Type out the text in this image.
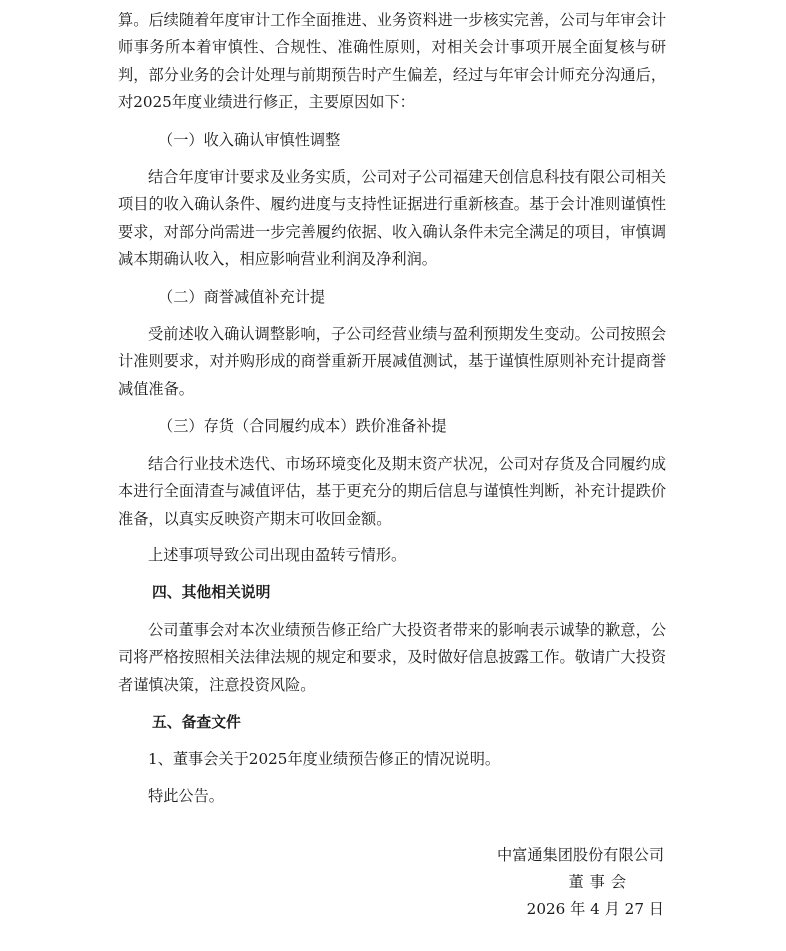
算。后续随着年度审计工作全面推进、业务资料进一步核实完善，公司与年审会计师事务所本着审慎性、合规性、准确性原则，对相关会计事项开展全面复核与研判，部分业务的会计处理与前期预告时产生偏差，经过与年审会计师充分沟通后，对2025年度业绩进行修正，主要原因如下：

（一）收入确认审慎性调整

结合年度审计要求及业务实质，公司对子公司福建天创信息科技有限公司相关项目的收入确认条件、履约进度与支持性证据进行重新核查。基于会计准则谨慎性要求，对部分尚需进一步完善履约依据、收入确认条件未完全满足的项目，审慎调减本期确认收入，相应影响营业利润及净利润。

（二）商誉减值补充计提

受前述收入确认调整影响，子公司经营业绩与盈利预期发生变动。公司按照会计准则要求，对并购形成的商誉重新开展减值测试，基于谨慎性原则补充计提商誉减值准备。

（三）存货（合同履约成本）跌价准备补提

结合行业技术迭代、市场环境变化及期末资产状况，公司对存货及合同履约成本进行全面清查与减值评估，基于更充分的期后信息与谨慎性判断，补充计提跌价准备，以真实反映资产期末可收回金额。

上述事项导致公司出现由盈转亏情形。

四、其他相关说明

公司董事会对本次业绩预告修正给广大投资者带来的影响表示诚挚的歉意，公司将严格按照相关法律法规的规定和要求，及时做好信息披露工作。敬请广大投资者谨慎决策，注意投资风险。

五、备查文件

1、董事会关于2025年度业绩预告修正的情况说明。

特此公告。

中富通集团股份有限公司

董事会

2026 年 4 月 27 日
